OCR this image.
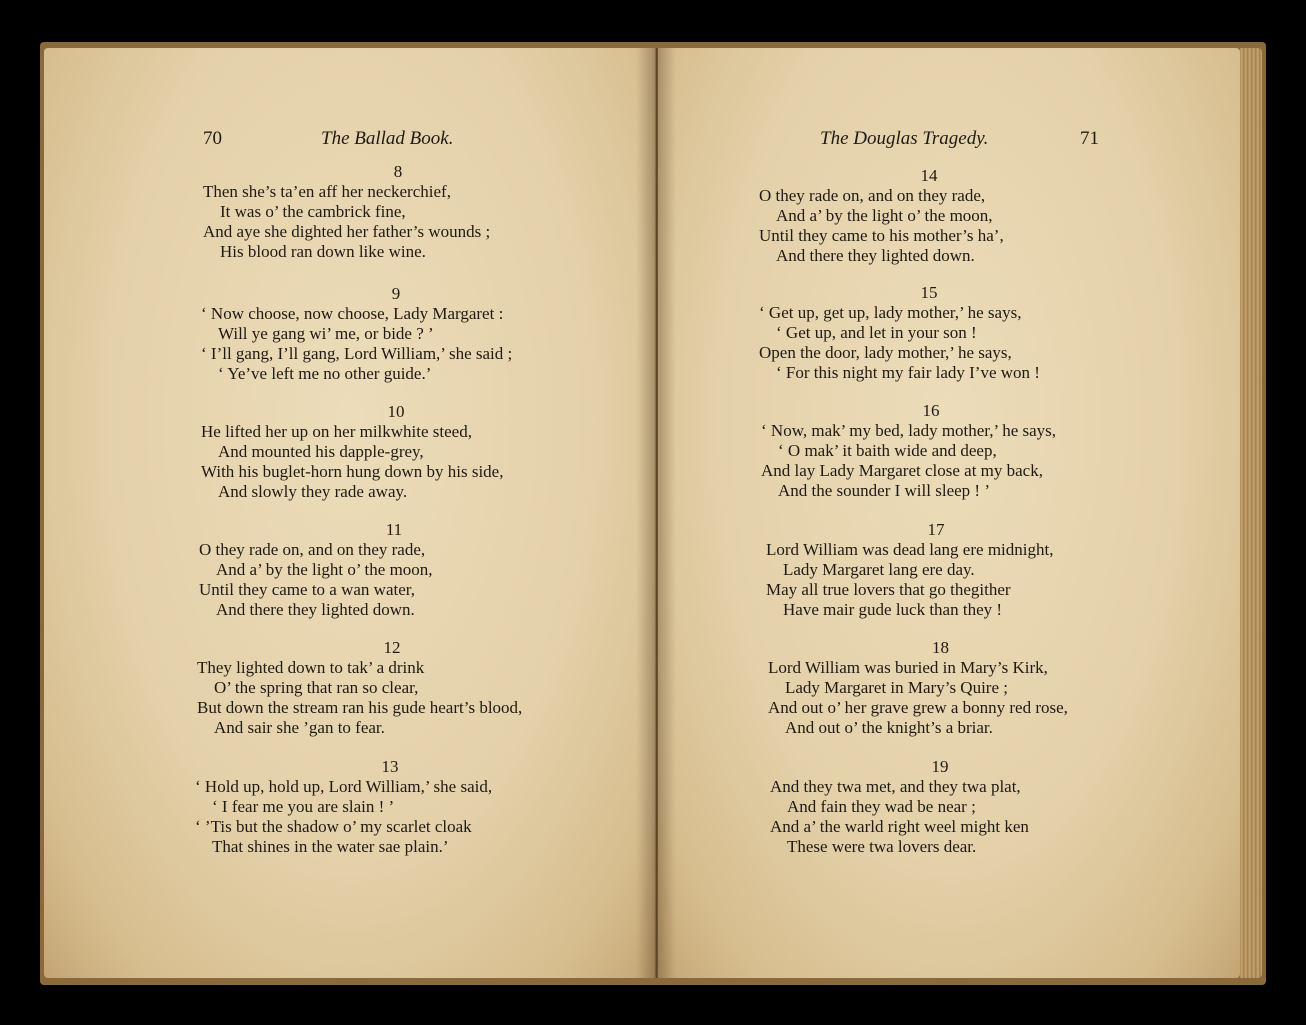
70	The Ballad Book.	The Douglas Tragedy.	71
8
Then she’s ta’en aff her neckerchief,
It was o’ the cambrick fine,
And aye she dighted her father’s wounds ;
His blood ran down like wine.
9
‘ Now choose, now choose, Lady Margaret :
Will ye gang wi’ me, or bide ? ’
‘ I’ll gang, I’ll gang, Lord William,’ she said ;
‘ Ye’ve left me no other guide.’
10
He lifted her up on her milkwhite steed,
And mounted his dapple-grey,
With his buglet-horn hung down by his side,
And slowly they rade away.
11
O they rade on, and on they rade,
And a’ by the light o’ the moon,
Until they came to a wan water,
And there they lighted down.
12
They lighted down to tak’ a drink
O’ the spring that ran so clear,
But down the stream ran his gude heart’s blood,
And sair she ’gan to fear.
13
‘ Hold up, hold up, Lord William,’ she said,
‘ I fear me you are slain ! ’
‘ ’Tis but the shadow o’ my scarlet cloak
That shines in the water sae plain.’
14
O they rade on, and on they rade,
And a’ by the light o’ the moon,
Until they came to his mother’s ha’,
And there they lighted down.
15
‘ Get up, get up, lady mother,’ he says,
‘ Get up, and let in your son !
Open the door, lady mother,’ he says,
‘ For this night my fair lady I’ve won !
16
‘ Now, mak’ my bed, lady mother,’ he says,
‘ O mak’ it baith wide and deep,
And lay Lady Margaret close at my back,
And the sounder I will sleep ! ’
17
Lord William was dead lang ere midnight,
Lady Margaret lang ere day.
May all true lovers that go thegither
Have mair gude luck than they !
18
Lord William was buried in Mary’s Kirk,
Lady Margaret in Mary’s Quire ;
And out o’ her grave grew a bonny red rose,
And out o’ the knight’s a briar.
19
And they twa met, and they twa plat,
And fain they wad be near ;
And a’ the warld right weel might ken
These were twa lovers dear.
